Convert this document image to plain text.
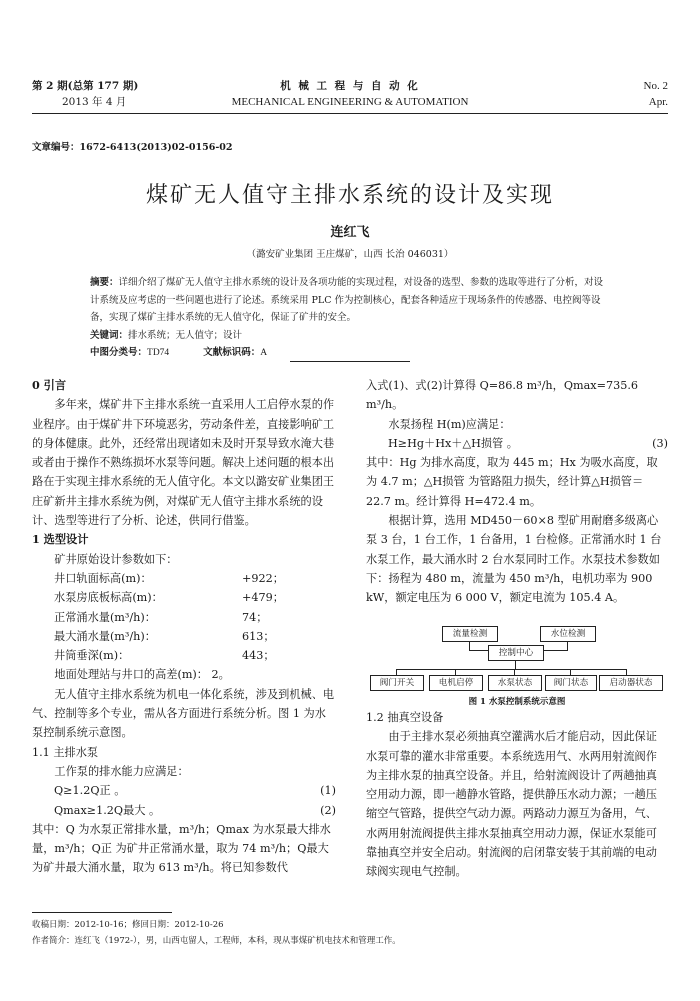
第 2 期(总第 177 期)
2013 年 4 月
机 械 工 程 与 自 动 化
MECHANICAL ENGINEERING & AUTOMATION
No. 2
Apr.
文章编号：1672-6413(2013)02-0156-02
煤矿无人值守主排水系统的设计及实现
连红飞
（潞安矿业集团 王庄煤矿，山西 长治 046031）
摘要：详细介绍了煤矿无人值守主排水系统的设计及各项功能的实现过程，对设备的选型、参数的选取等进行了分析，对设计系统及应考虑的一些问题也进行了论述。系统采用 PLC 作为控制核心，配套各种适应于现场条件的传感器、电控阀等设备，实现了煤矿主排水系统的无人值守化，保证了矿井的安全。
关键词：排水系统；无人值守；设计
中图分类号：TD74	文献标识码：A

0 引言

多年来，煤矿井下主排水系统一直采用人工启停水泵的作业程序。由于煤矿井下环境恶劣，劳动条件差，直接影响矿工的身体健康。此外，还经常出现诸如未及时开泵导致水淹大巷或者由于操作不熟练损坏水泵等问题。解决上述问题的根本出路在于实现主排水系统的无人值守化。本文以潞安矿业集团王庄矿新井主排水系统为例，对煤矿无人值守主排水系统的设计、选型等进行了分析、论述，供同行借鉴。

1 选型设计

矿井原始设计参数如下：

井口轨面标高(m)：	+922；
水泵房底板标高(m)：	+479；
正常涌水量(m³/h)：	74；
最大涌水量(m³/h)：	613；
井筒垂深(m)：	443；

地面处理站与井口的高差(m)： 2。

无人值守主排水系统为机电一体化系统，涉及到机械、电气、控制等多个专业，需从各方面进行系统分析。图 1 为水泵控制系统示意图。

1.1 主排水泵

工作泵的排水能力应满足：

Q≥1.2Q正 。	(1)
Qmax≥1.2Q最大 。	(2)

其中：Q 为水泵正常排水量，m³/h；Qmax 为水泵最大排水量，m³/h；Q正 为矿井正常涌水量，取为 74 m³/h；Q最大 为矿井最大涌水量，取为 613 m³/h。将已知参数代

入式(1)、式(2)计算得 Q=86.8 m³/h，Qmax=735.6 m³/h。

水泵扬程 H(m)应满足：

H≥Hg＋Hx＋△H损管 。	(3)

其中：Hg 为排水高度，取为 445 m；Hx 为吸水高度，取为 4.7 m；△H损管 为管路阻力损失，经计算△H损管＝22.7 m。经计算得 H=472.4 m。

根据计算，选用 MD450－60×8 型矿用耐磨多级离心泵 3 台，1 台工作，1 台备用，1 台检修。正常涌水时 1 台水泵工作，最大涌水时 2 台水泵同时工作。水泵技术参数如下：扬程为 480 m，流量为 450 m³/h，电机功率为 900 kW，额定电压为 6 000 V，额定电流为 105.4 A。

流量检测	水位检测
控制中心
阀门开关	电机启停	水泵状态	阀门状态	启动器状态
图 1 水泵控制系统示意图

1.2 抽真空设备

由于主排水泵必须抽真空灌满水后才能启动，因此保证水泵可靠的灌水非常重要。本系统选用气、水两用射流阀作为主排水泵的抽真空设备。并且，给射流阀设计了两趟抽真空用动力源，即一趟静水管路，提供静压水动力源；一趟压缩空气管路，提供空气动力源。两路动力源互为备用，气、水两用射流阀提供主排水泵抽真空用动力源，保证水泵能可靠抽真空并安全启动。射流阀的启闭靠安装于其前端的电动球阀实现电气控制。

收稿日期：2012-10-16；修回日期：2012-10-26
作者简介：连红飞（1972-），男，山西屯留人，工程师，本科，现从事煤矿机电技术和管理工作。
